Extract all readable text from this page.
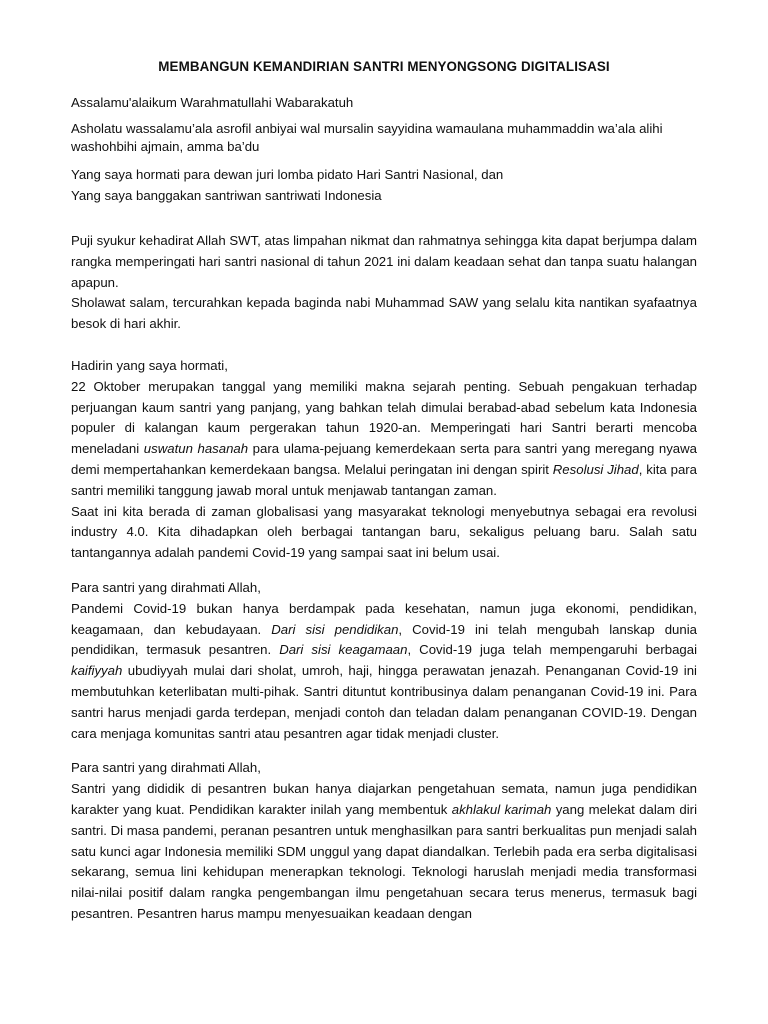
MEMBANGUN KEMANDIRIAN SANTRI MENYONGSONG DIGITALISASI

Assalamu'alaikum Warahmatullahi Wabarakatuh

Asholatu wassalamu’ala asrofil anbiyai wal mursalin sayyidina wamaulana muhammaddin wa’ala alihi washohbihi ajmain, amma ba’du

Yang saya hormati para dewan juri lomba pidato Hari Santri Nasional, dan

Yang saya banggakan santriwan santriwati Indonesia

Puji syukur kehadirat Allah SWT, atas limpahan nikmat dan rahmatnya sehingga kita dapat berjumpa dalam rangka memperingati hari santri nasional di tahun 2021 ini dalam keadaan sehat dan tanpa suatu halangan apapun.

Sholawat salam, tercurahkan kepada baginda nabi Muhammad SAW yang selalu kita nantikan syafaatnya besok di hari akhir.

Hadirin yang saya hormati,

22 Oktober merupakan tanggal yang memiliki makna sejarah penting. Sebuah pengakuan terhadap perjuangan kaum santri yang panjang, yang bahkan telah dimulai berabad-abad sebelum kata Indonesia populer di kalangan kaum pergerakan tahun 1920-an. Memperingati hari Santri berarti mencoba meneladani uswatun hasanah para ulama-pejuang kemerdekaan serta para santri yang meregang nyawa demi mempertahankan kemerdekaan bangsa. Melalui peringatan ini dengan spirit Resolusi Jihad, kita para santri memiliki tanggung jawab moral untuk menjawab tantangan zaman.

Saat ini kita berada di zaman globalisasi yang masyarakat teknologi menyebutnya sebagai era revolusi industry 4.0. Kita dihadapkan oleh berbagai tantangan baru, sekaligus peluang baru. Salah satu tantangannya adalah pandemi Covid-19 yang sampai saat ini belum usai.

Para santri yang dirahmati Allah,

Pandemi Covid-19 bukan hanya berdampak pada kesehatan, namun juga ekonomi, pendidikan, keagamaan, dan kebudayaan. Dari sisi pendidikan, Covid-19 ini telah mengubah lanskap dunia pendidikan, termasuk pesantren. Dari sisi keagamaan, Covid-19 juga telah mempengaruhi berbagai kaifiyyah ubudiyyah mulai dari sholat, umroh, haji, hingga perawatan jenazah. Penanganan Covid-19 ini membutuhkan keterlibatan multi-pihak. Santri dituntut kontribusinya dalam penanganan Covid-19 ini. Para santri harus menjadi garda terdepan, menjadi contoh dan teladan dalam penanganan COVID-19. Dengan cara menjaga komunitas santri atau pesantren agar tidak menjadi cluster.

Para santri yang dirahmati Allah,

Santri yang dididik di pesantren bukan hanya diajarkan pengetahuan semata, namun juga pendidikan karakter yang kuat. Pendidikan karakter inilah yang membentuk akhlakul karimah yang melekat dalam diri santri. Di masa pandemi, peranan pesantren untuk menghasilkan para santri berkualitas pun menjadi salah satu kunci agar Indonesia memiliki SDM unggul yang dapat diandalkan. Terlebih pada era serba digitalisasi sekarang, semua lini kehidupan menerapkan teknologi. Teknologi haruslah menjadi media transformasi nilai-nilai positif dalam rangka pengembangan ilmu pengetahuan secara terus menerus, termasuk bagi pesantren. Pesantren harus mampu menyesuaikan keadaan dengan
